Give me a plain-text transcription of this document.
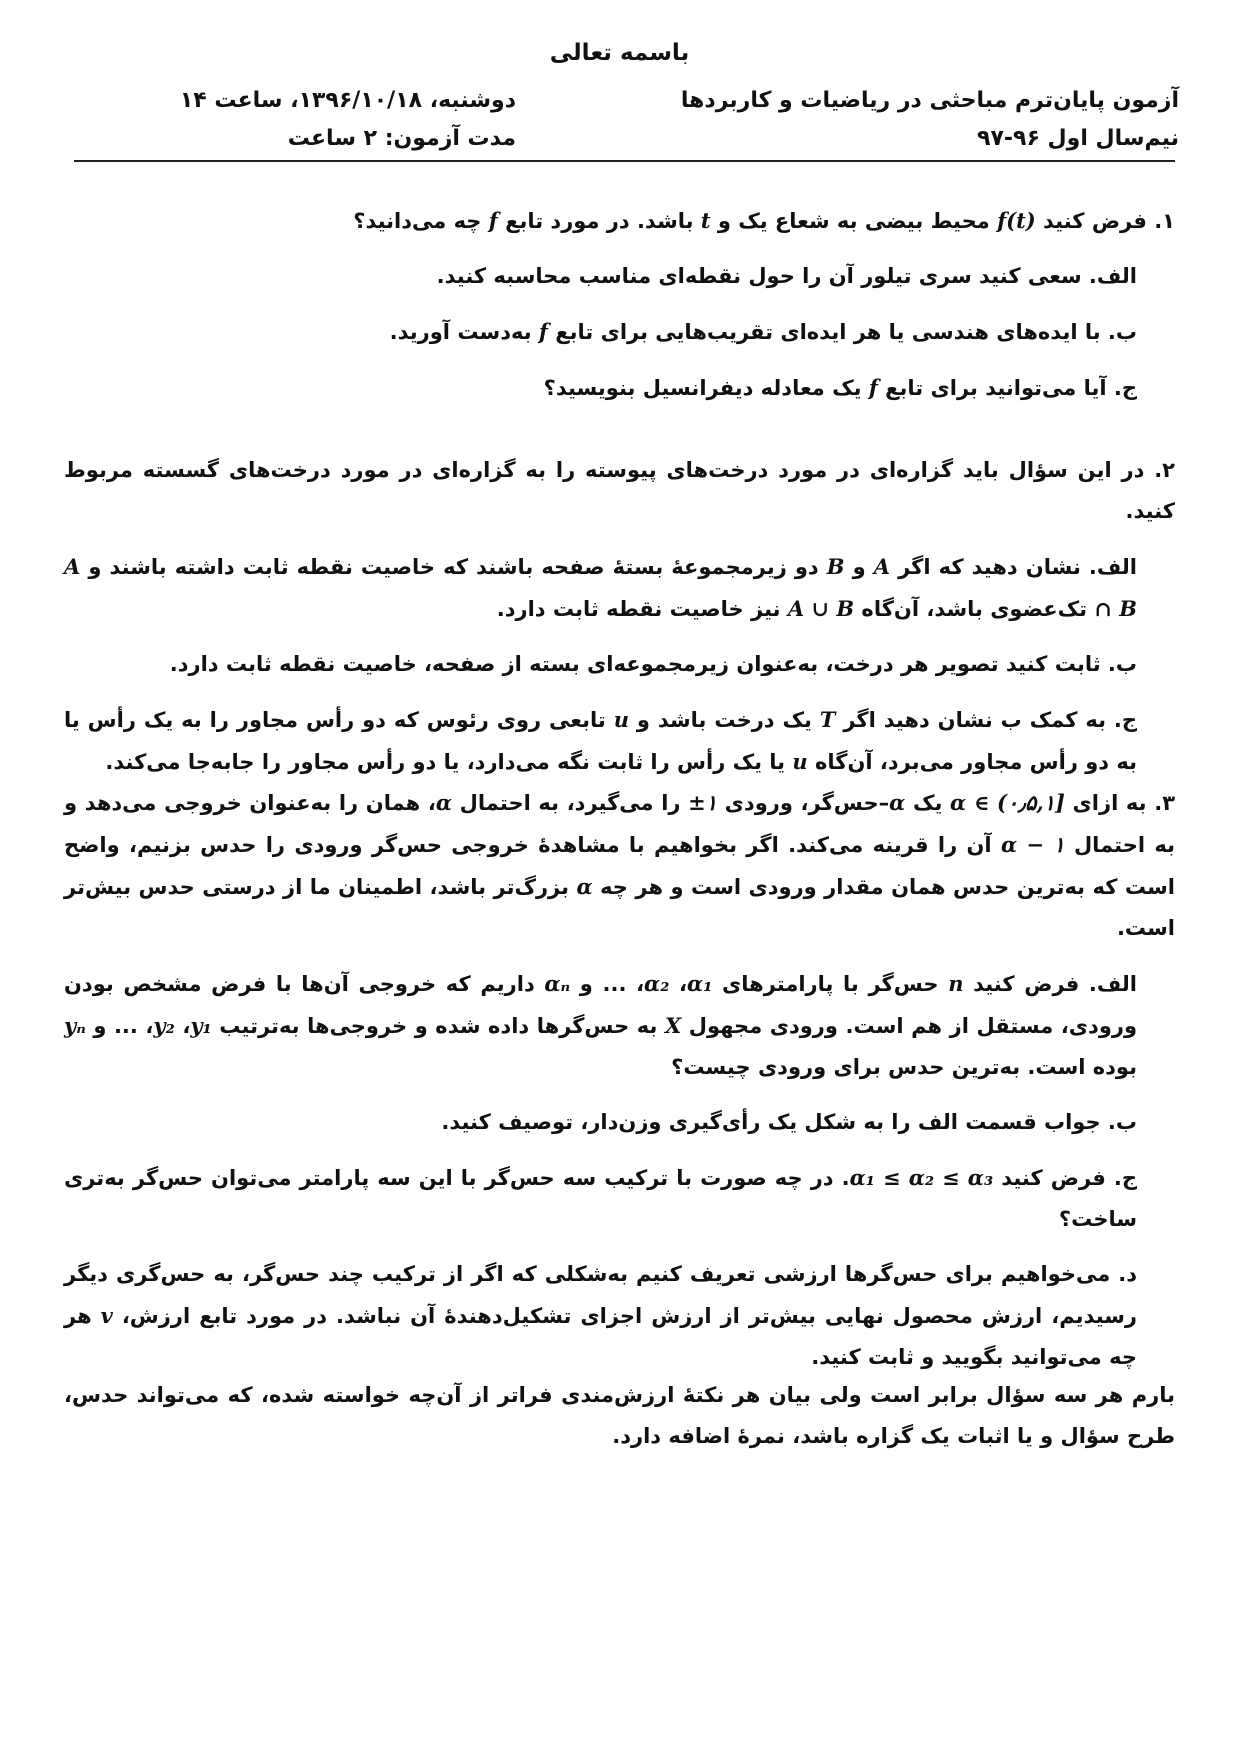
باسمه تعالی
آزمون پایان‌ترم مباحثی در ریاضیات و کاربردها
نیم‌سال اول ۹۶-۹۷
دوشنبه، ۱۳۹۶/۱۰/۱۸، ساعت ۱۴
مدت آزمون: ۲ ساعت
۱. فرض کنید f(t) محیط بیضی به شعاع یک و t باشد. در مورد تابع f چه می‌دانید؟
الف. سعی کنید سری تیلور آن را حول نقطه‌ای مناسب محاسبه کنید.
ب. با ایده‌های هندسی یا هر ایده‌ای تقریب‌هایی برای تابع f به‌دست آورید.
ج. آیا می‌توانید برای تابع f یک معادله دیفرانسیل بنویسید؟
۲. در این سؤال باید گزاره‌ای در مورد درخت‌های پیوسته را به گزاره‌ای در مورد درخت‌های گسسته مربوط کنید.
الف. نشان دهید که اگر A و B دو زیرمجموعهٔ بستهٔ صفحه باشند که خاصیت نقطه ثابت داشته باشند و A ∩ B تک‌عضوی باشد، آن‌گاه A ∪ B نیز خاصیت نقطه ثابت دارد.
ب. ثابت کنید تصویر هر درخت، به‌عنوان زیرمجموعه‌ای بسته از صفحه، خاصیت نقطه ثابت دارد.
ج. به کمک ب نشان دهید اگر T یک درخت باشد و u تابعی روی رئوس که دو رأس مجاور را به یک رأس یا به دو رأس مجاور می‌برد، آن‌گاه u یا یک رأس را ثابت نگه می‌دارد، یا دو رأس مجاور را جابه‌جا می‌کند.
۳. به ازای α ∈ (۰٫۵,۱] یک α–حس‌گر، ورودی ±۱ را می‌گیرد، به احتمال α، همان را به‌عنوان خروجی می‌دهد و به احتمال α − ۱ آن را قرینه می‌کند. اگر بخواهیم با مشاهدهٔ خروجی حس‌گر ورودی را حدس بزنیم، واضح است که به‌ترین حدس همان مقدار ورودی است و هر چه α بزرگ‌تر باشد، اطمینان ما از درستی حدس بیش‌تر است.
الف. فرض کنید n حس‌گر با پارامترهای α₁، α₂، ... و αₙ داریم که خروجی آن‌ها با فرض مشخص بودن ورودی، مستقل از هم است. ورودی مجهول X به حس‌گرها داده شده و خروجی‌ها به‌ترتیب y₁، y₂، ... و yₙ بوده است. به‌ترین حدس برای ورودی چیست؟
ب. جواب قسمت الف را به شکل یک رأی‌گیری وزن‌دار، توصیف کنید.
ج. فرض کنید α₁ ≤ α₂ ≤ α₃. در چه صورت با ترکیب سه حس‌گر با این سه پارامتر می‌توان حس‌گر به‌تری ساخت؟
د. می‌خواهیم برای حس‌گرها ارزشی تعریف کنیم به‌شکلی که اگر از ترکیب چند حس‌گر، به حس‌گری دیگر رسیدیم، ارزش محصول نهایی بیش‌تر از ارزش اجزای تشکیل‌دهندهٔ آن نباشد. در مورد تابع ارزش، v هر چه می‌توانید بگویید و ثابت کنید.

بارم هر سه سؤال برابر است ولی بیان هر نکتهٔ ارزش‌مندی فراتر از آن‌چه خواسته شده، که می‌تواند حدس، طرح سؤال و یا اثبات یک گزاره باشد، نمرهٔ اضافه دارد.
